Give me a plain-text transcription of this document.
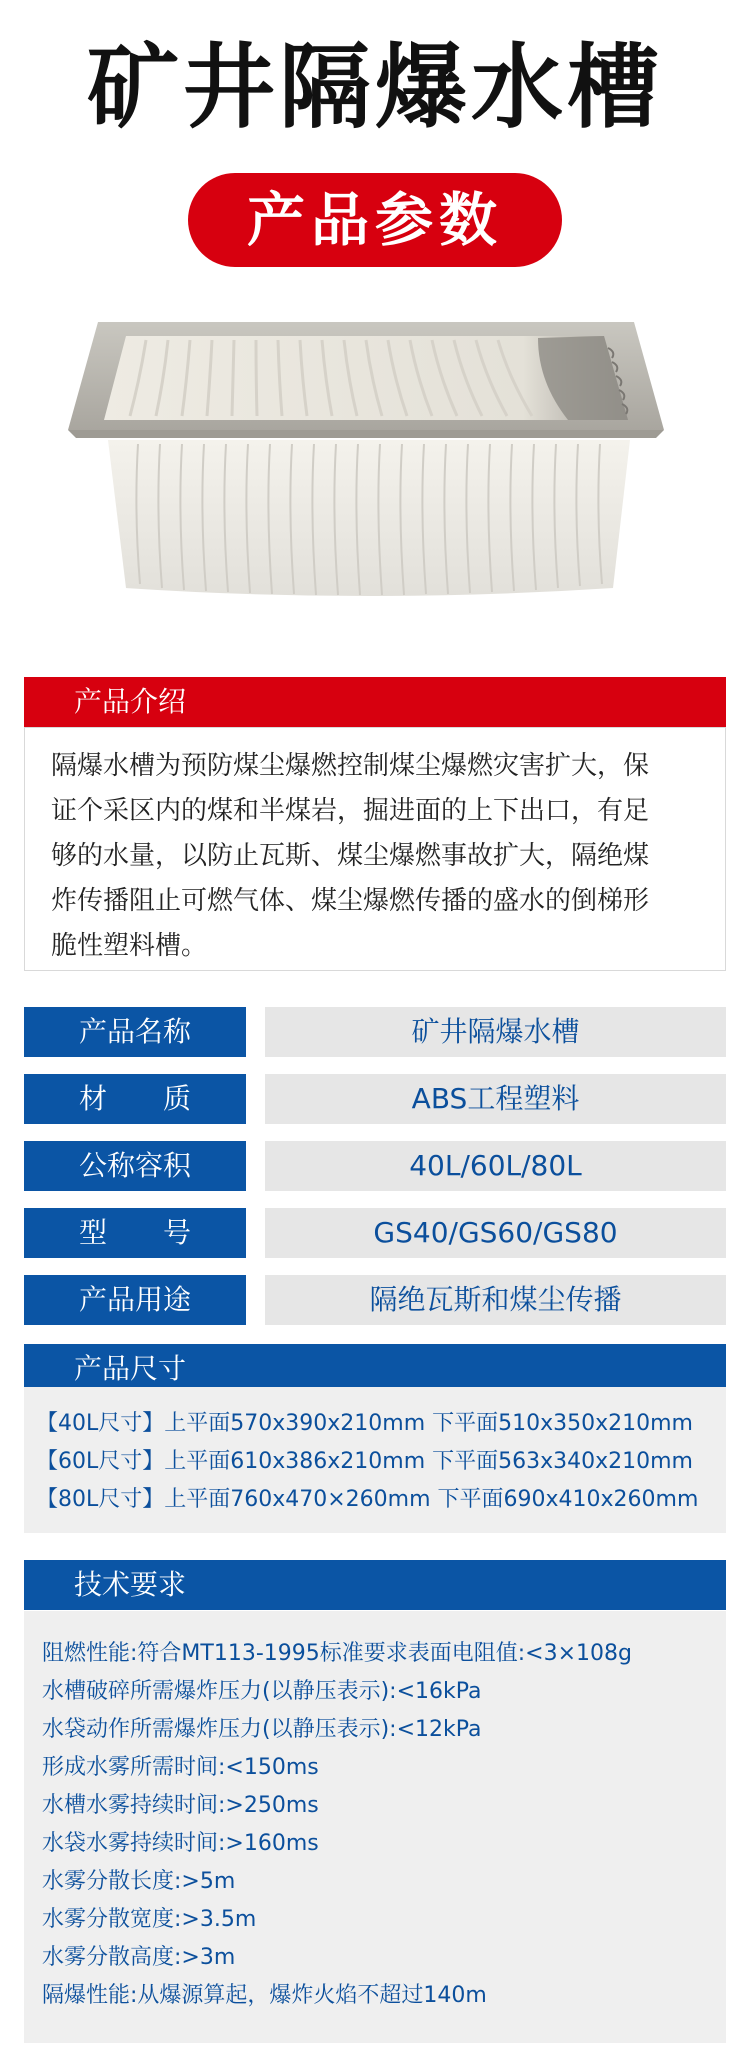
矿井隔爆水槽
产品参数
产品介绍
隔爆水槽为预防煤尘爆燃控制煤尘爆燃灾害扩大，保
证个采区内的煤和半煤岩，掘进面的上下出口，有足
够的水量，以防止瓦斯、煤尘爆燃事故扩大，隔绝煤
炸传播阻止可燃气体、煤尘爆燃传播的盛水的倒梯形
脆性塑料槽。
产品名称	矿井隔爆水槽
材　　质	ABS工程塑料
公称容积	40L/60L/80L
型　　号	GS40/GS60/GS80
产品用途	隔绝瓦斯和煤尘传播
产品尺寸
【40L尺寸】上平面570x390x210mm 下平面510x350x210mm
【60L尺寸】上平面610x386x210mm 下平面563x340x210mm
【80L尺寸】上平面760x470×260mm 下平面690x410x260mm
技术要求
阻燃性能:符合MT113-1995标准要求表面电阻值:<3×108g
水槽破碎所需爆炸压力(以静压表示):<16kPa
水袋动作所需爆炸压力(以静压表示):<12kPa
形成水雾所需时间:<150ms
水槽水雾持续时间:>250ms
水袋水雾持续时间:>160ms
水雾分散长度:>5m
水雾分散宽度:>3.5m
水雾分散高度:>3m
隔爆性能:从爆源算起，爆炸火焰不超过140m
